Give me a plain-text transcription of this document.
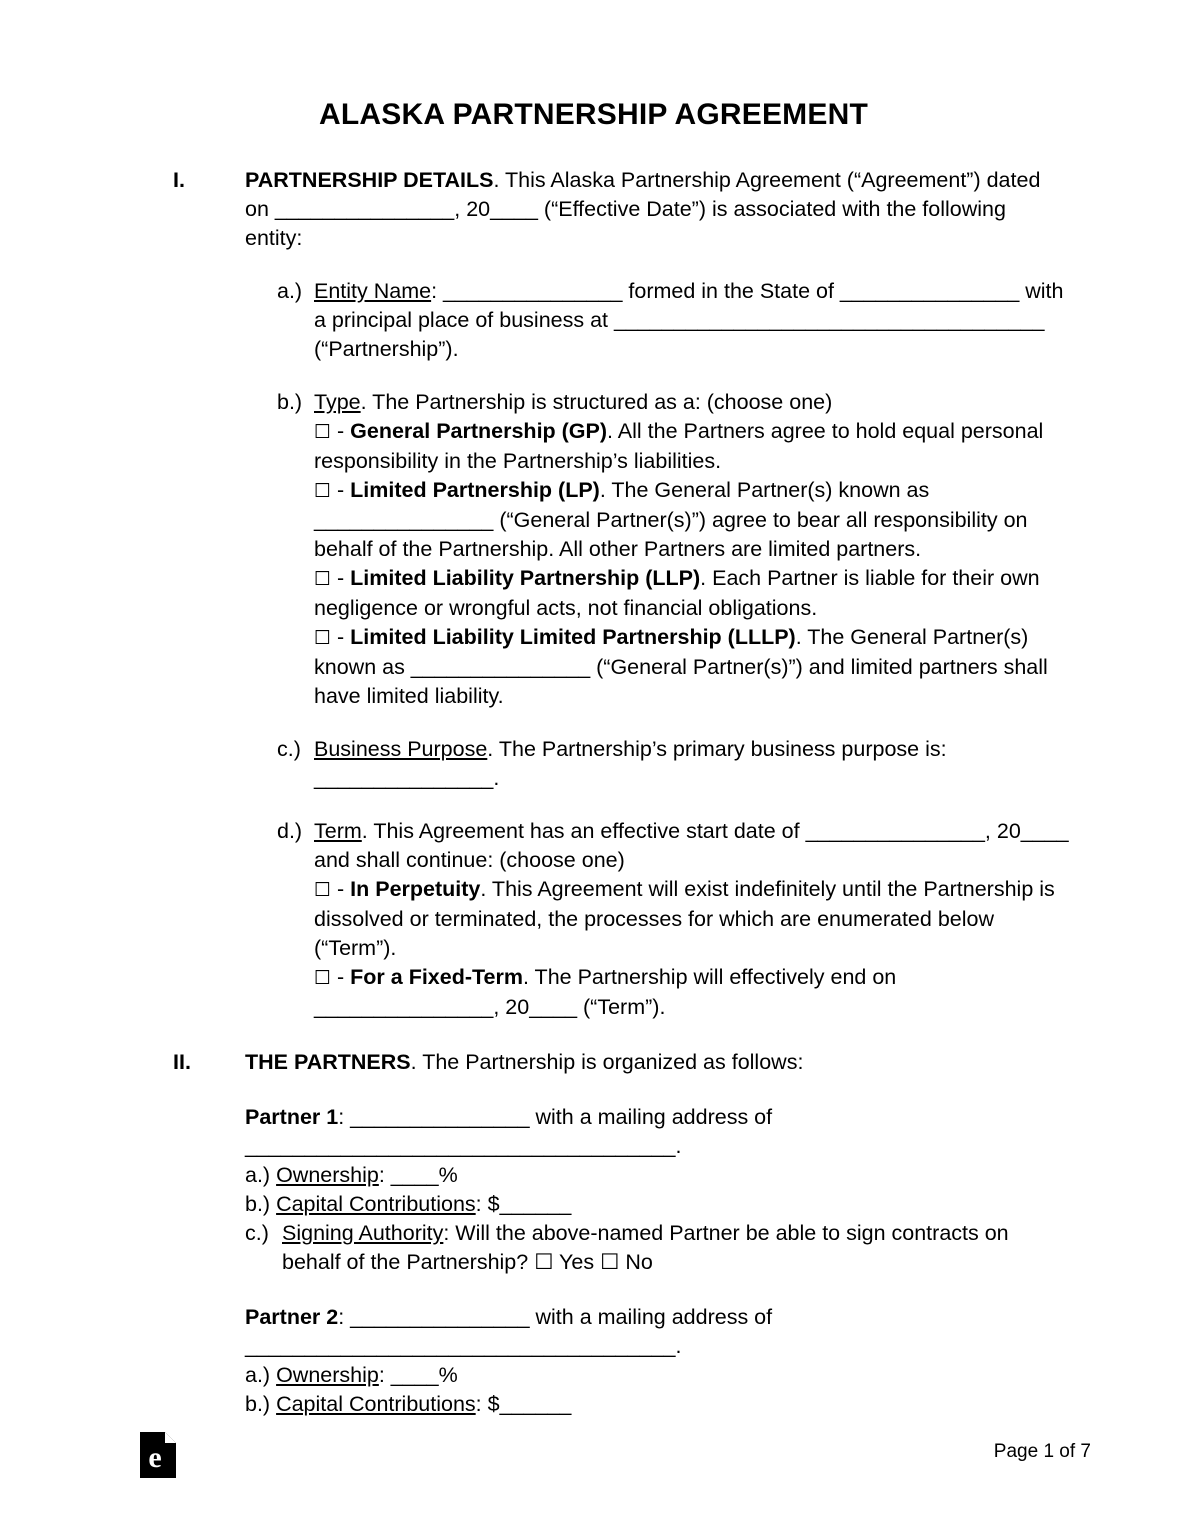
ALASKA PARTNERSHIP AGREEMENT
I.	PARTNERSHIP DETAILS. This Alaska Partnership Agreement (“Agreement”) dated on _______________, 20____ (“Effective Date”) is associated with the following entity:

a.) Entity Name: _______________ formed in the State of _______________ with a principal place of business at ____________________________________ (“Partnership”).

b.) Type. The Partnership is structured as a: (choose one)

☐ - General Partnership (GP). All the Partners agree to hold equal personal responsibility in the Partnership’s liabilities.

☐ - Limited Partnership (LP). The General Partner(s) known as _______________ (“General Partner(s)”) agree to bear all responsibility on behalf of the Partnership. All other Partners are limited partners.

☐ - Limited Liability Partnership (LLP). Each Partner is liable for their own negligence or wrongful acts, not financial obligations.

☐ - Limited Liability Limited Partnership (LLLP). The General Partner(s) known as _______________ (“General Partner(s)”) and limited partners shall have limited liability.

c.) Business Purpose. The Partnership’s primary business purpose is: _______________.

d.) Term. This Agreement has an effective start date of _______________, 20____ and shall continue: (choose one)

☐ - In Perpetuity. This Agreement will exist indefinitely until the Partnership is dissolved or terminated, the processes for which are enumerated below (“Term”).

☐ - For a Fixed-Term. The Partnership will effectively end on _______________, 20____ (“Term”).

II.	THE PARTNERS. The Partnership is organized as follows:

Partner 1: _______________ with a mailing address of ____________________________________.

a.) Ownership: ____%

b.) Capital Contributions: $______

c.) Signing Authority: Will the above-named Partner be able to sign contracts on behalf of the Partnership? ☐ Yes ☐ No

Partner 2: _______________ with a mailing address of ____________________________________.

a.) Ownership: ____%

b.) Capital Contributions: $______

e	Page 1 of 7
